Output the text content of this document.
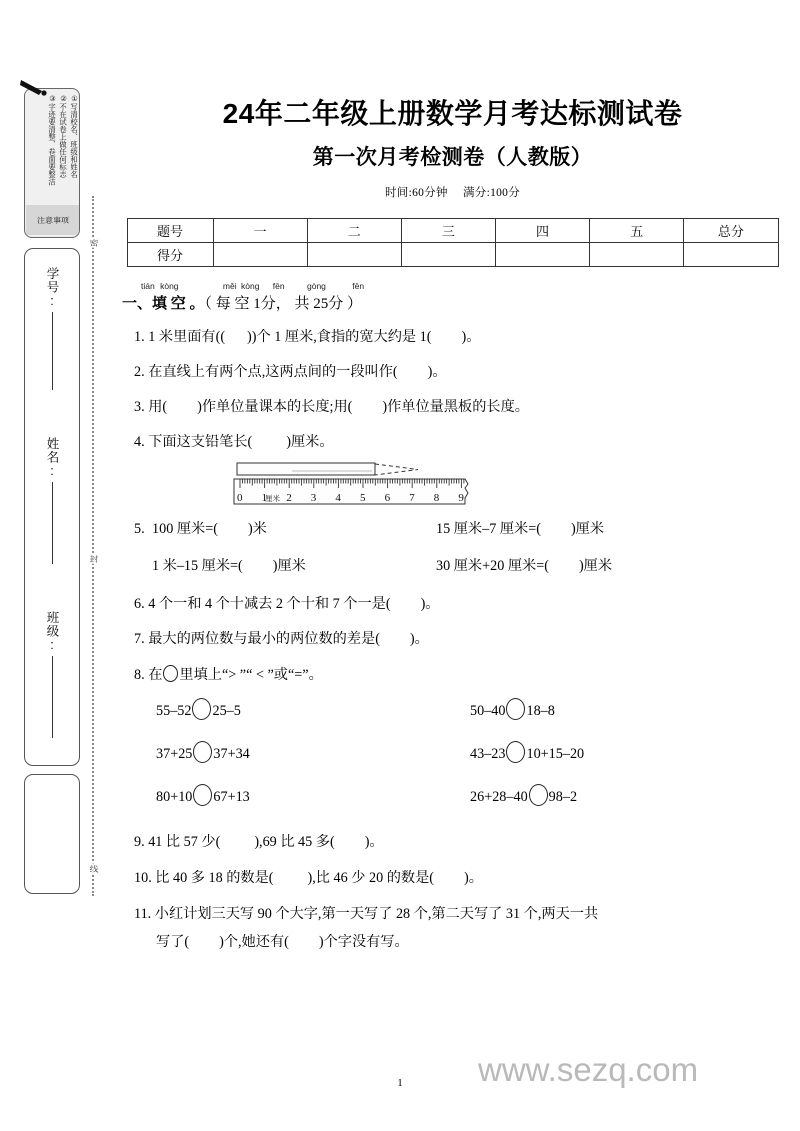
①写清校名、班级和姓名
②不在试卷上做任何标志
③字迹要清整、卷面要整洁
注意事项
学号:
姓名:
班级:
密
封
线
24年二年级上册数学月考达标测试卷
第一次月考检测卷（人教版）
时间:60分钟 满分:100分
题号	一	二	三	四	五	总分
得分						
tián kòng	měi kòng fēn	gòng	fēn
一、填 空 。（ 每 空 1分， 共 25分 ）
1. 1 米里面有( (  ) )个 1 厘米,食指的宽大约是 1( )。
2. 在直线上有两个点,这两点间的一段叫作( )。
3. 用( )作单位量课本的长度;用( )作单位量黑板的长度。
4. 下面这支铅笔长( )厘米。
0 1 2 3 4 5 6 7 8 9
厘米
5. 100 厘米=( )米	15 厘米–7 厘米=( )厘米
1 米–15 厘米=( )厘米	30 厘米+20 厘米=( )厘米
6. 4 个一和 4 个十减去 2 个十和 7 个一是( )。
7. 最大的两位数与最小的两位数的差是( )。
8. 在 里填上“> ”“ < ”或“=”。
55–52 25–5	50–40 18–8
37+25 37+34	43–23 10+15–20
80+10 67+13	26+28–40 98–2
9. 41 比 57 少( ),69 比 45 多( )。
10. 比 40 多 18 的数是( ),比 46 少 20 的数是( )。
11. 小红计划三天写 90 个大字,第一天写了 28 个,第二天写了 31 个,两天一共
写了( )个,她还有( )个字没有写。
1	www.sezq.com
